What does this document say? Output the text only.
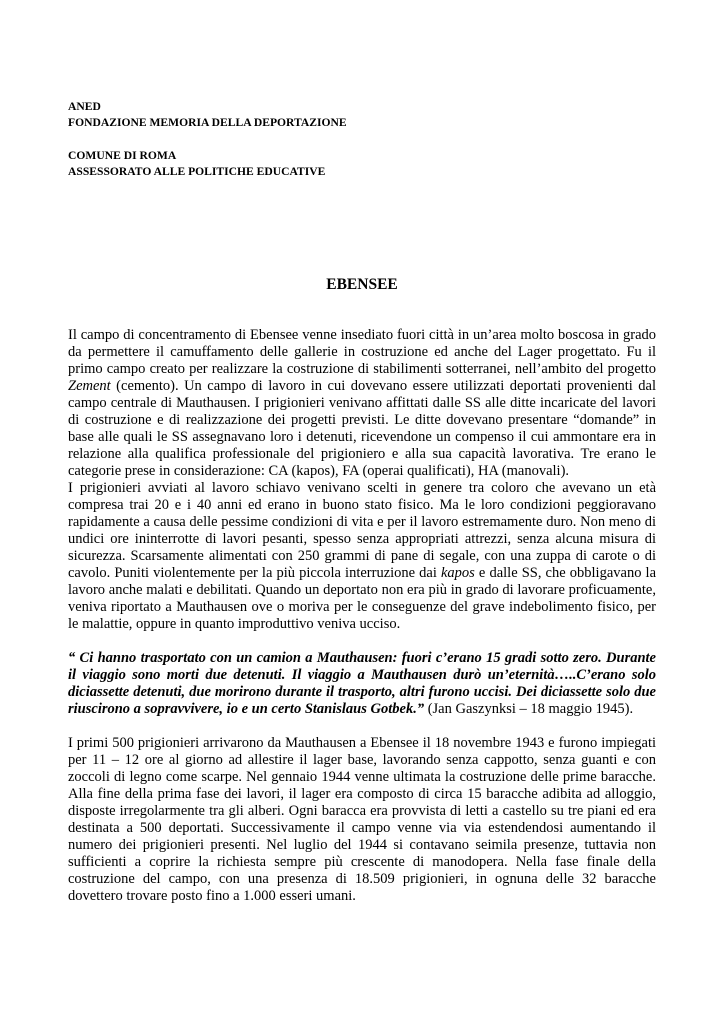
ANED
FONDAZIONE MEMORIA DELLA DEPORTAZIONE
COMUNE DI ROMA
ASSESSORATO ALLE POLITICHE EDUCATIVE
EBENSEE

Il campo di concentramento di Ebensee venne insediato fuori città in un’area molto boscosa in grado da permettere il camuffamento delle gallerie in costruzione ed anche del Lager progettato. Fu il primo campo creato per realizzare la costruzione di stabilimenti sotterranei, nell’ambito del progetto Zement (cemento). Un campo di lavoro in cui dovevano essere utilizzati deportati provenienti dal campo centrale di Mauthausen. I prigionieri venivano affittati dalle SS alle ditte incaricate del lavori di costruzione e di realizzazione dei progetti previsti. Le ditte dovevano presentare “domande” in base alle quali le SS assegnavano loro i detenuti, ricevendone un compenso il cui ammontare era in relazione alla qualifica professionale del prigioniero e alla sua capacità lavorativa. Tre erano le categorie prese in considerazione: CA (kapos), FA (operai qualificati), HA (manovali).

I prigionieri avviati al lavoro schiavo venivano scelti in genere tra coloro che avevano un età compresa trai 20 e i 40 anni ed erano in buono stato fisico. Ma le loro condizioni peggioravano rapidamente a causa delle pessime condizioni di vita e per il lavoro estremamente duro. Non meno di undici ore ininterrotte di lavori pesanti, spesso senza appropriati attrezzi, senza alcuna misura di sicurezza. Scarsamente alimentati con 250 grammi di pane di segale, con una zuppa di carote o di cavolo. Puniti violentemente per la più piccola interruzione dai kapos e dalle SS, che obbligavano la lavoro anche malati e debilitati. Quando un deportato non era più in grado di lavorare proficuamente, veniva riportato a Mauthausen ove o moriva per le conseguenze del grave indebolimento fisico, per le malattie, oppure in quanto improduttivo veniva ucciso.

“ Ci hanno trasportato con un camion a Mauthausen: fuori c’erano 15 gradi sotto zero. Durante il viaggio sono morti due detenuti. Il viaggio a Mauthausen durò un’eternità…..C’erano solo diciassette detenuti, due morirono durante il trasporto, altri furono uccisi. Dei diciassette solo due riuscirono a sopravvivere, io e un certo Stanislaus Gotbek.” (Jan Gaszynksi – 18 maggio 1945).

I primi 500 prigionieri arrivarono da Mauthausen a Ebensee il 18 novembre 1943 e furono impiegati per 11 – 12 ore al giorno ad allestire il lager base, lavorando senza cappotto, senza guanti e con zoccoli di legno come scarpe. Nel gennaio 1944 venne ultimata la costruzione delle prime baracche. Alla fine della prima fase dei lavori, il lager era composto di circa 15 baracche adibita ad alloggio, disposte irregolarmente tra gli alberi. Ogni baracca era provvista di letti a castello su tre piani ed era destinata a 500 deportati. Successivamente il campo venne via via estendendosi aumentando il numero dei prigionieri presenti. Nel luglio del 1944 si contavano seimila presenze, tuttavia non sufficienti a coprire la richiesta sempre più crescente di manodopera. Nella fase finale della costruzione del campo, con una presenza di 18.509 prigionieri, in ognuna delle 32 baracche dovettero trovare posto fino a 1.000 esseri umani.
